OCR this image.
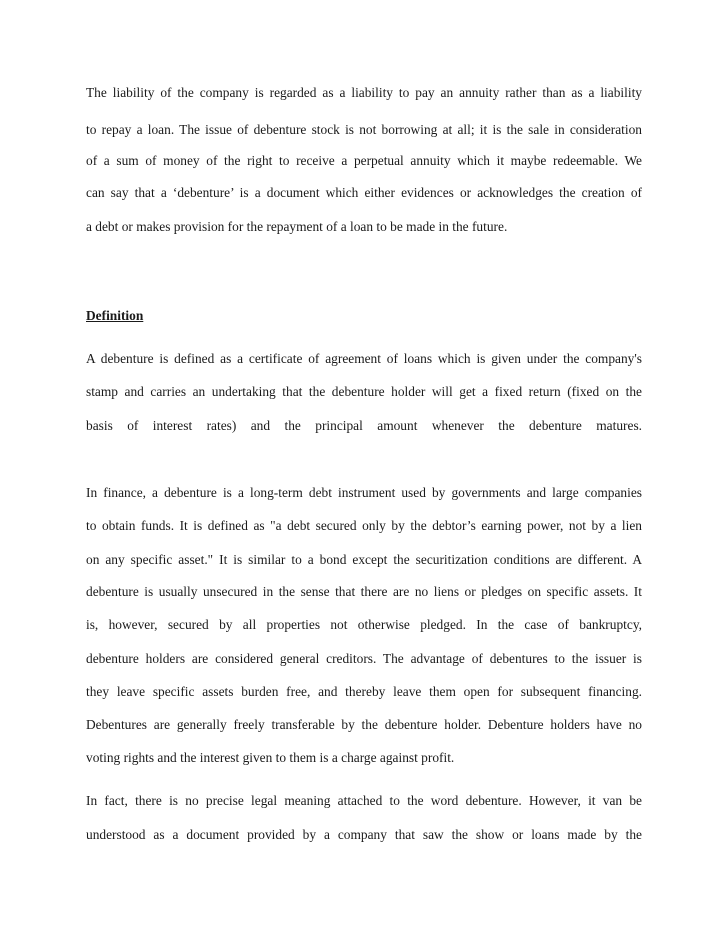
The liability of the company is regarded as a liability to pay an annuity rather than as a liability

to repay a loan. The issue of debenture stock is not borrowing at all; it is the sale in consideration

of a sum of money of the right to receive a perpetual annuity which it maybe redeemable. We

can say that a ‘debenture’ is a document which either evidences or acknowledges the creation of

a debt or makes provision for the repayment of a loan to be made in the future.

Definition

A debenture is defined as a certificate of agreement of loans which is given under the company's

stamp and carries an undertaking that the debenture holder will get a fixed return (fixed on the

basis of interest rates) and the principal amount whenever the debenture matures.

In finance, a debenture is a long-term debt instrument used by governments and large companies

to obtain funds. It is defined as "a debt secured only by the debtor’s earning power, not by a lien

on any specific asset." It is similar to a bond except the securitization conditions are different. A

debenture is usually unsecured in the sense that there are no liens or pledges on specific assets. It

is, however, secured by all properties not otherwise pledged. In the case of bankruptcy,

debenture holders are considered general creditors. The advantage of debentures to the issuer is

they leave specific assets burden free, and thereby leave them open for subsequent financing.

Debentures are generally freely transferable by the debenture holder. Debenture holders have no

voting rights and the interest given to them is a charge against profit.

In fact, there is no precise legal meaning attached to the word debenture. However, it van be

understood as a document provided by a company that saw the show or loans made by the
